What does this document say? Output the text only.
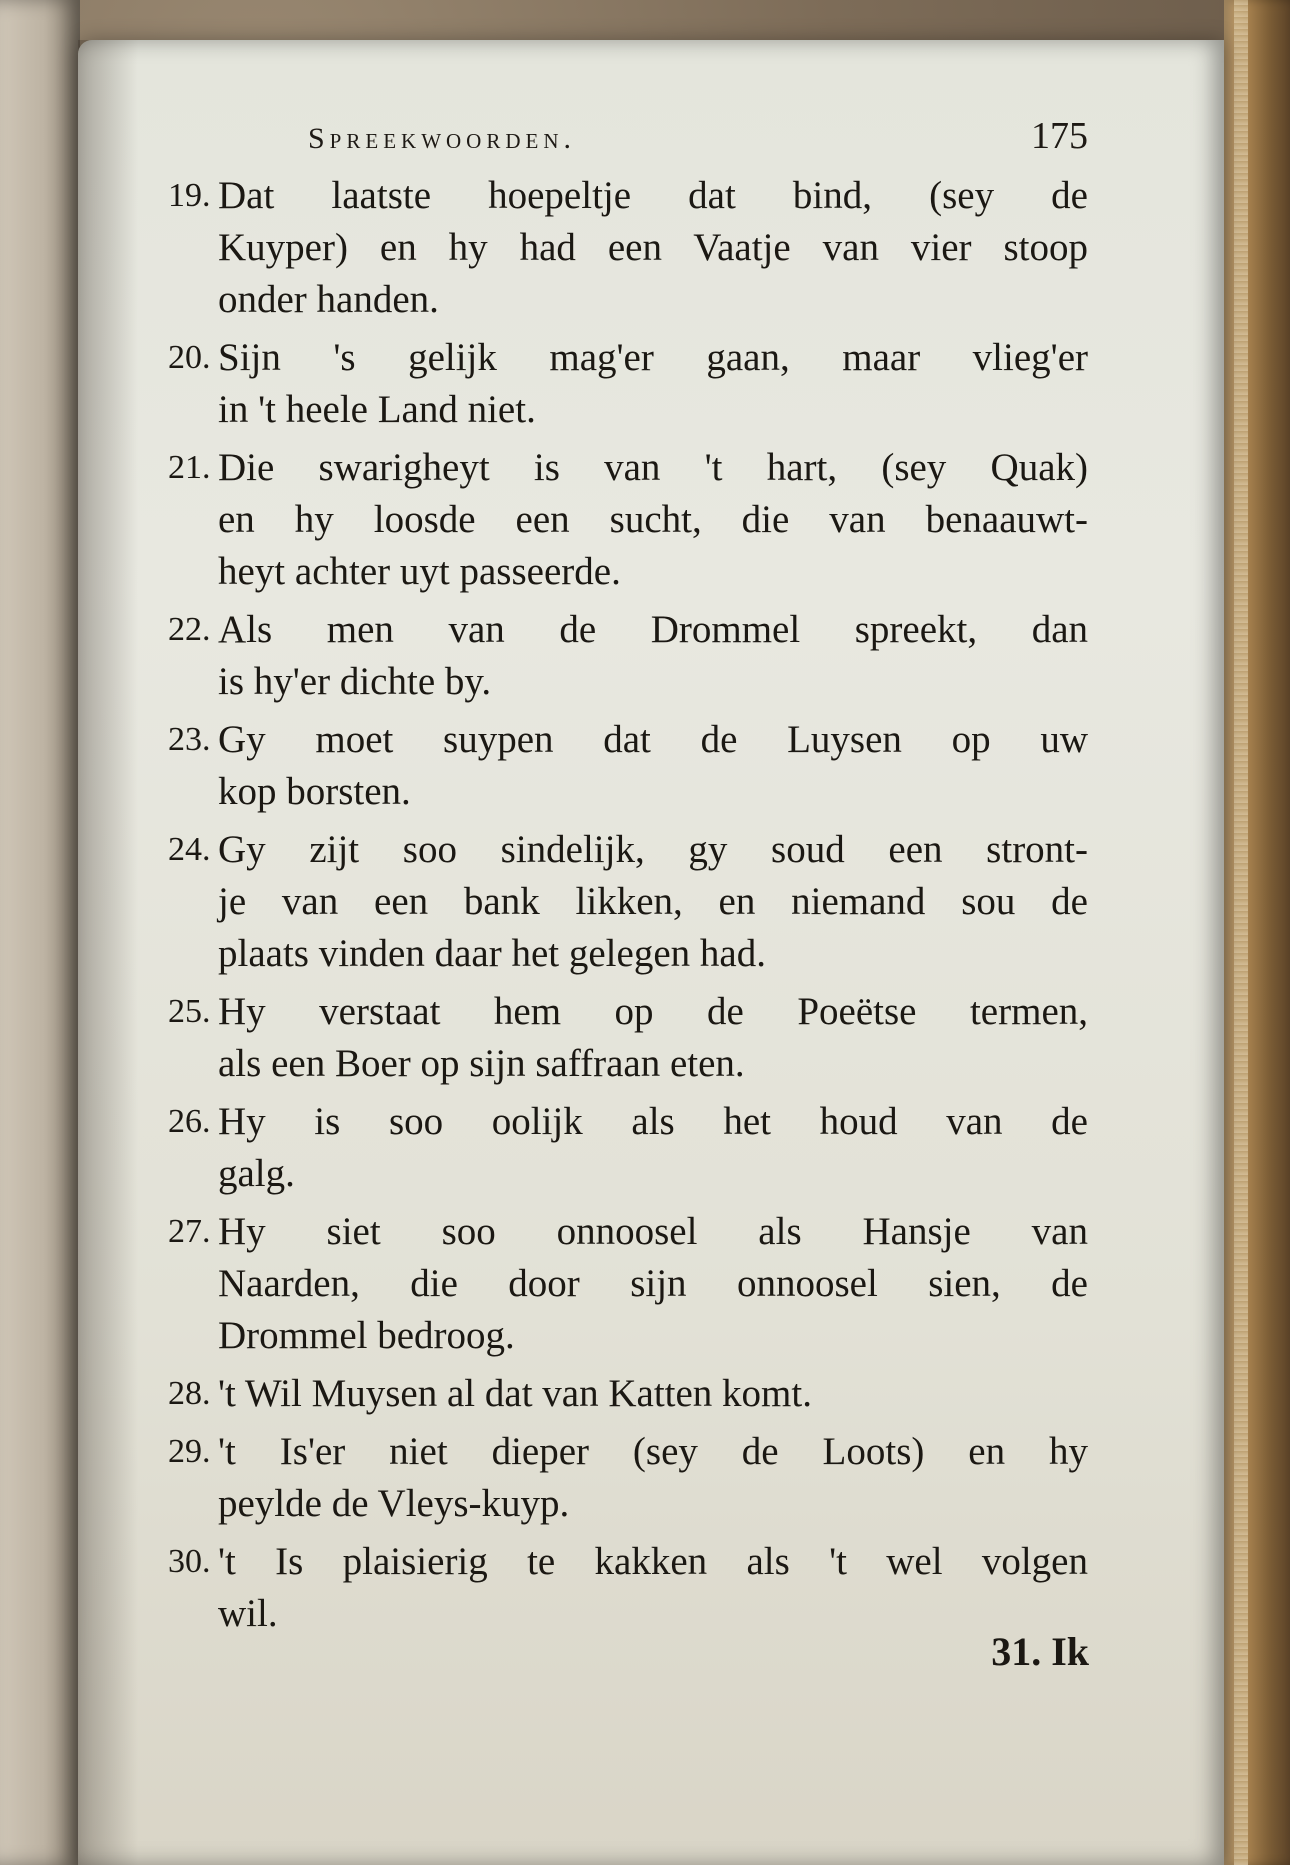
Spreekwoorden.	175
19. Dat laatste hoepeltje dat bind, (sey de
Kuyper) en hy had een Vaatje van vier stoop
onder handen.
20. Sijn 's gelijk mag'er gaan, maar vlieg'er
in 't heele Land niet.
21. Die swarigheyt is van 't hart, (sey Quak)
en hy loosde een sucht, die van benaauwt-
heyt achter uyt passeerde.
22. Als men van de Drommel spreekt, dan
is hy'er dichte by.
23. Gy moet suypen dat de Luysen op uw
kop borsten.
24. Gy zijt soo sindelijk, gy soud een stront-
je van een bank likken, en niemand sou de
plaats vinden daar het gelegen had.
25. Hy verstaat hem op de Poeëtse termen,
als een Boer op sijn saffraan eten.
26. Hy is soo oolijk als het houd van de
galg.
27. Hy siet soo onnoosel als Hansje van
Naarden, die door sijn onnoosel sien, de
Drommel bedroog.
28. 't Wil Muysen al dat van Katten komt.
29. 't Is'er niet dieper (sey de Loots) en hy
peylde de Vleys-kuyp.
30. 't Is plaisierig te kakken als 't wel volgen
wil.
31. Ik
